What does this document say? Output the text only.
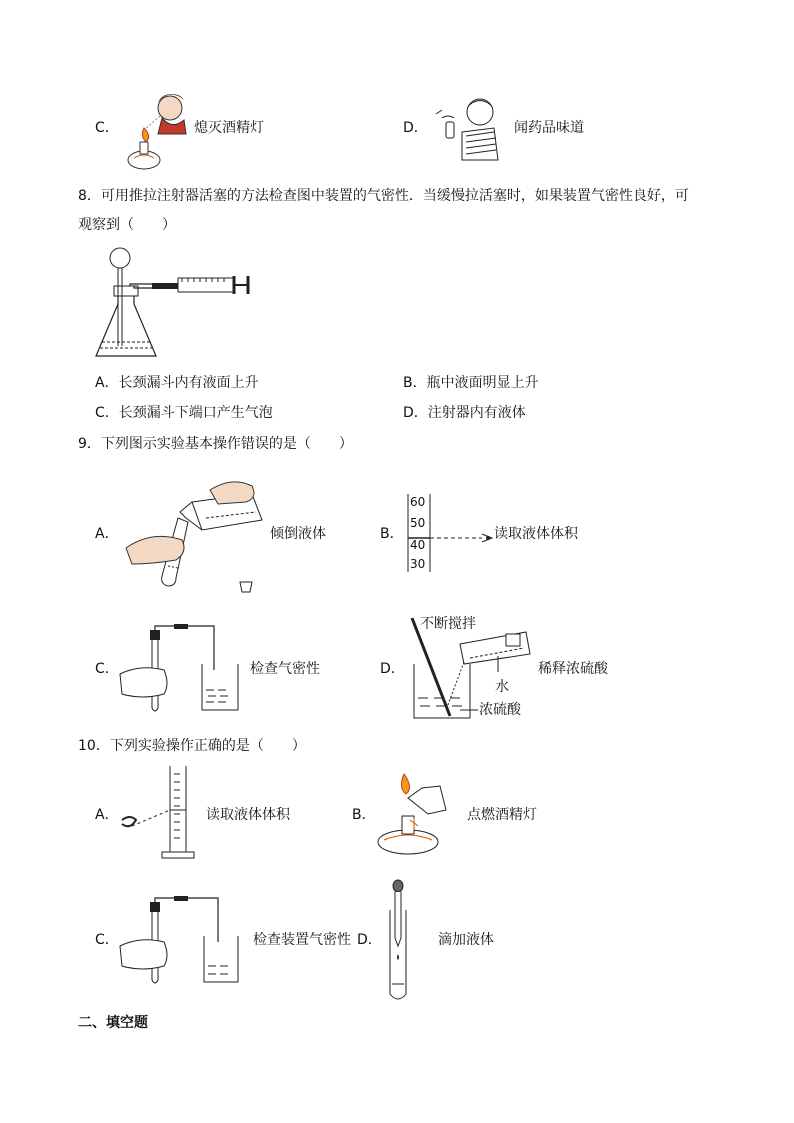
C．	熄灭酒精灯	D．	闻药品味道
8．可用推拉注射器活塞的方法检查图中装置的气密性．当缓慢拉活塞时，如果装置气密性良好，可
观察到（　　）
A．长颈漏斗内有液面上升	B．瓶中液面明显上升
C．长颈漏斗下端口产生气泡	D．注射器内有液体
9．下列图示实验基本操作错误的是（　　）
A．	倾倒液体	B．
60
50
40
30
读取液体体积
C．	检查气密性	D．
不断搅拌
水
浓硫酸
稀释浓硫酸
10．下列实验操作正确的是（　　）
A．	读取液体体积	B．	点燃酒精灯
C．	检查装置气密性 D．	滴加液体
二、填空题
